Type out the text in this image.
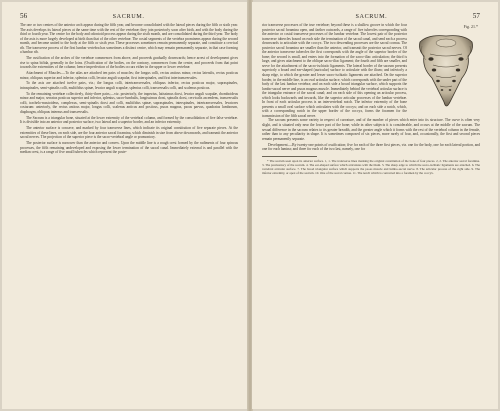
56	SACRUM.

The one or two centres of the anterior arch appear during the fifth year, and become consolidated with the lateral pieces during the fifth or sixth year. The axis develops its lateral pieces at the same time with the rest of the vertebræ; they join posteriorly soon after birth, and with the body during the third or fourth year. The centre for the body and odontoid process appear during the sixth month, and are consolidated during the third year. The body of the axis is more largely developed at birth than that of the other vertebræ. The costal segments of the vertebra prominens appear during the second month, and become united to the body at the fifth or sixth year. These processes sometimes remain permanently separate, and constitute a cervical rib. The transverse process of the first lumbar vertebra has sometimes a distinct centre, which may remain permanently separate, in that case forming a lumbar rib.

The ossification of the arches of the vertebræ commences from above, and proceeds gradually downwards; hence arrest of development gives rise to spina bifida, generally in the loins. (Ossification of the bodies, on the contrary, commences from the centre, and proceeds from that point towards the extremities of the column; hence imperfection of the bodies occurs either in the upper or lower vertebræ.

Attachment of Muscles.—To the atlas are attached ten pairs of muscles; the longus colli, rectus anticus minor, rectus lateralis, rectus posticus minor, obliquus superior and inferior, splenius colli, levator anguli scapulæ, first interspinales, and first intertransversales.

To the axis are attached twelve pairs, viz.; the longus colli, intertransversales, obliquus inferior, rectus posticus major, supraspinales, intraspinales, semi-spinalis colli, multifidus spinæ, levator anguli scapulæ, splenius colli, transversalis colli, and scalenus posticus.

To the remaining vertebræ collectively, thirty-three pairs;—viz. posteriorly, the trapezius, latissimus dorsi, levator anguli scapulæ, rhomboideus minor and major, serratus posticus superior and inferior, splenius, sacro-lumbalis, longissimus dorsi, spinalis dorsi, cervicalis ascendens, transversalis colli, trachelo-mastoideus, complexus, semi-spinalis dorsi and colli, multifidus spinæ, supraspinales, interspinales, intertransversales, levatores costarum: anteriorly, the rectus anticus major, longus colli, scalenus anticus and posticus, psoas magnus, psoas parvus, quadratus lumborum, diaphragm, obliquus internus and transversalis.

The Sacrum is a triangular bone, situated at the lower extremity of the vertebral column, and formed by the consolidation of five false vertebræ. It is divisible into an anterior and posterior surface, two lateral and a superior border, and an inferior extremity.

The anterior surface is concave, and marked by four transverse lines, which indicate its original constitution of five separate pieces. At the extremities of these lines, on each side, are the four anterior sacral foramina, which diminish in size from above downwards, and transmit the anterior sacral nerves. The projection of the superior piece is the sacro-vertebral angle or promontory.

The posterior surface is narrower than the anterior and convex. Upon the middle line is a rough crest formed by the rudiments of four spinous processes, the fifth remaining undeveloped and exposing the lower termination of the sacral canal. Immediately external is and parallel with the median crest, is a range of five small tubercles which represent the poste-

SACRUM.	57

Fig. 21.*
rior transverse processes of the true vertebræ; beyond these is a shallow groove in which the four posterior sacral foramina open, and farther outwards, a range of five tubercles corresponding with the anterior or costal transverse processes of the lumbar vertebræ. The lowest pair of the posterior transverse tubercles bound on each side the termination of the sacral canal, and send each a process downwards to articulate with the coccyx. The two descending processes are the sacral cornua. The posterior sacral foramina are smaller than the anterior, and transmit the posterior sacral nerves. Of the anterior transverse tubercles the first corresponds with the angle of the superior border of the bone; the second is small, and enters into the formation of the sacro-iliac articulation; the third is large, and gives attachment to the oblique sacro-iliac ligament; the fourth and fifth are smaller, and serve for the attachment of the sacro-ischiatic ligaments. The lateral border of the sacrum presents superiorly a broad and ear-shaped (auricular) surface to articulate with the ilium; and inferiorly a sharp edge, to which the greater and lesser sacro-ischiatic ligaments are attached. On the superior border, in the middle line, is an oval articular surface, which corresponds with the under part of the body of the last lumbar vertebra; and on each side a broad triangular surface, which supports the lumbo-sacral nerve and psoas magnus muscle. Immediately behind the vertebral articular surface is the triangular entrance of the sacral canal; and on each side of this opening an articular process, which looks backwards and inwards, like the superior articular processes of the lumbar vertebræ. In front of each articular process is an intervertebral notch. The inferior extremity of the bone presents a small oval surface which articulates with the coccyx; and on each side a notch, which, with a corresponding notch in the upper border of the coccyx, forms the foramen for the transmission of the fifth sacral nerve.

The sacrum presents some variety in respect of curvature, and of the number of pieces which enter into its structure. The curve is often very slight, and is situated only near the lower part of the bone; while in other subjects it is considerable, and occurs at the middle of the sacrum. The sexual difference in the sacrum relates to its greater breadth, and the greater angle which it forms with the rest of the vertebral column in the female, rather than to any peculiarity in shape. It is sometimes composed of six pieces, more rarely of four, and, occasionally, the first and second pieces remain permanently separate.

Development.—By twenty-one points of ossification; five for each of the three first pieces, viz. one for the body, one for each lateral portion, and one for each lamina; and three for each of the two last, namely, one for

* The sacrum seen upon its anterior surface. 1, 1. The transverse lines marking the original constitution of the bone of four pieces. 2, 2. The anterior sacral foramina. 3. The promontory of the sacrum. 4. The ear-shaped surface which articulates with the ilium. 5. The sharp edge to which the sacro-ischiatic ligaments are attached. 6. The vertebral articular surface. 7. The broad triangular surface which supports the psoas muscle and lumbo-sacral nerve. 8. The articular process of the right side. 9. The inferior extremity, or apex of the sacrum. 10. One of the sacral cornua. 11. The notch which is converted into a foramen by the coccyx.
